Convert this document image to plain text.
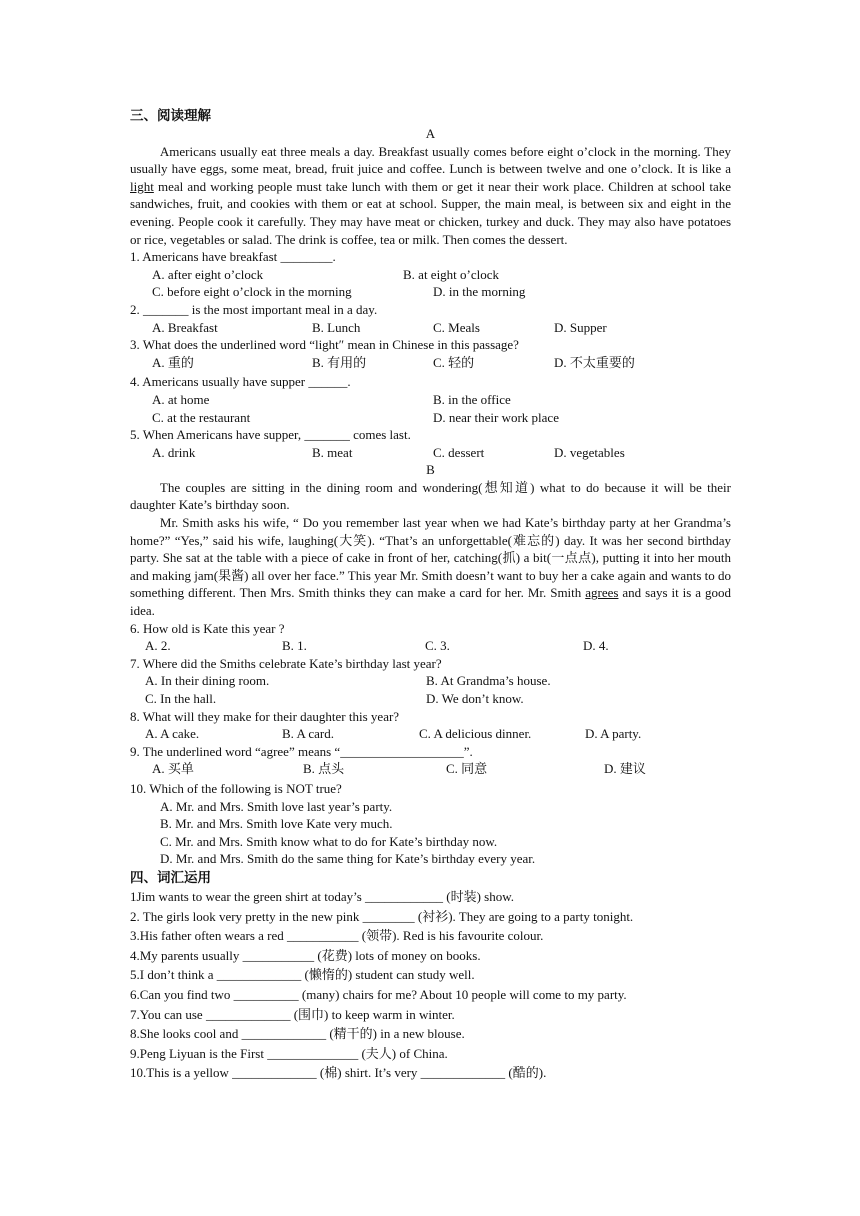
三、阅读理解

A

Americans usually eat three meals a day. Breakfast usually comes before eight o’clock in the morning. They usually have eggs, some meat, bread, fruit juice and coffee. Lunch is between twelve and one o’clock. It is like a light meal and working people must take lunch with them or get it near their work place. Children at school take sandwiches, fruit, and cookies with them or eat at school. Supper, the main meal, is between six and eight in the evening. People cook it carefully. They may have meat or chicken, turkey and duck. They may also have potatoes or rice, vegetables or salad. The drink is coffee, tea or milk. Then comes the dessert.

1. Americans have breakfast ________.

A. after eight o’clock	B. at eight o’clock
C. before eight o’clock in the morning	D. in the morning

2. _______ is the most important meal in a day.

A. Breakfast	B. Lunch	C. Meals	D. Supper

3. What does the underlined word “light″ mean in Chinese in this passage?

A. 重的	B. 有用的	C. 轻的	D. 不太重要的

4. Americans usually have supper ______.

A. at home	B. in the office
C. at the restaurant	D. near their work place

5. When Americans have supper, _______ comes last.

A. drink	B. meat	C. dessert	D. vegetables

B

The couples are sitting in the dining room and wondering(想知道) what to do because it will be their daughter Kate’s birthday soon.

Mr. Smith asks his wife, “ Do you remember last year when we had Kate’s birthday party at her Grandma’s home?” “Yes,” said his wife, laughing(大笑). “That’s an unforgettable(难忘的) day. It was her second birthday party. She sat at the table with a piece of cake in front of her, catching(抓) a bit(一点点), putting it into her mouth and making jam(果酱) all over her face.” This year Mr. Smith doesn’t want to buy her a cake again and wants to do something different. Then Mrs. Smith thinks they can make a card for her. Mr. Smith agrees and says it is a good idea.

6. How old is Kate this year ?

A. 2.	B. 1.	C. 3.	D. 4.

7. Where did the Smiths celebrate Kate’s birthday last year?

A. In their dining room.	B. At Grandma’s house.
C. In the hall.	D. We don’t know.

8. What will they make for their daughter this year?

A. A cake.	B. A card.	C. A delicious dinner.	D. A party.

9. The underlined word “agree” means “___________________”.

A. 买单	B. 点头	C. 同意	D. 建议

10. Which of the following is NOT true?

A. Mr. and Mrs. Smith love last year’s party.

B. Mr. and Mrs. Smith love Kate very much.

C. Mr. and Mrs. Smith know what to do for Kate’s birthday now.

D. Mr. and Mrs. Smith do the same thing for Kate’s birthday every year.

四、词汇运用

1Jim wants to wear the green shirt at today’s ____________ (时装) show.

2. The girls look very pretty in the new pink ________ (衬衫). They are going to a party tonight.

3.His father often wears a red ___________ (领带). Red is his favourite colour.

4.My parents usually ___________ (花费) lots of money on books.

5.I don’t think a _____________ (懒惰的) student can study well.

6.Can you find two __________ (many) chairs for me? About 10 people will come to my party.

7.You can use _____________ (围巾) to keep warm in winter.

8.She looks cool and _____________ (精干的) in a new blouse.

9.Peng Liyuan is the First ______________ (夫人) of China.

10.This is a yellow _____________ (棉) shirt. It’s very _____________ (酷的).
